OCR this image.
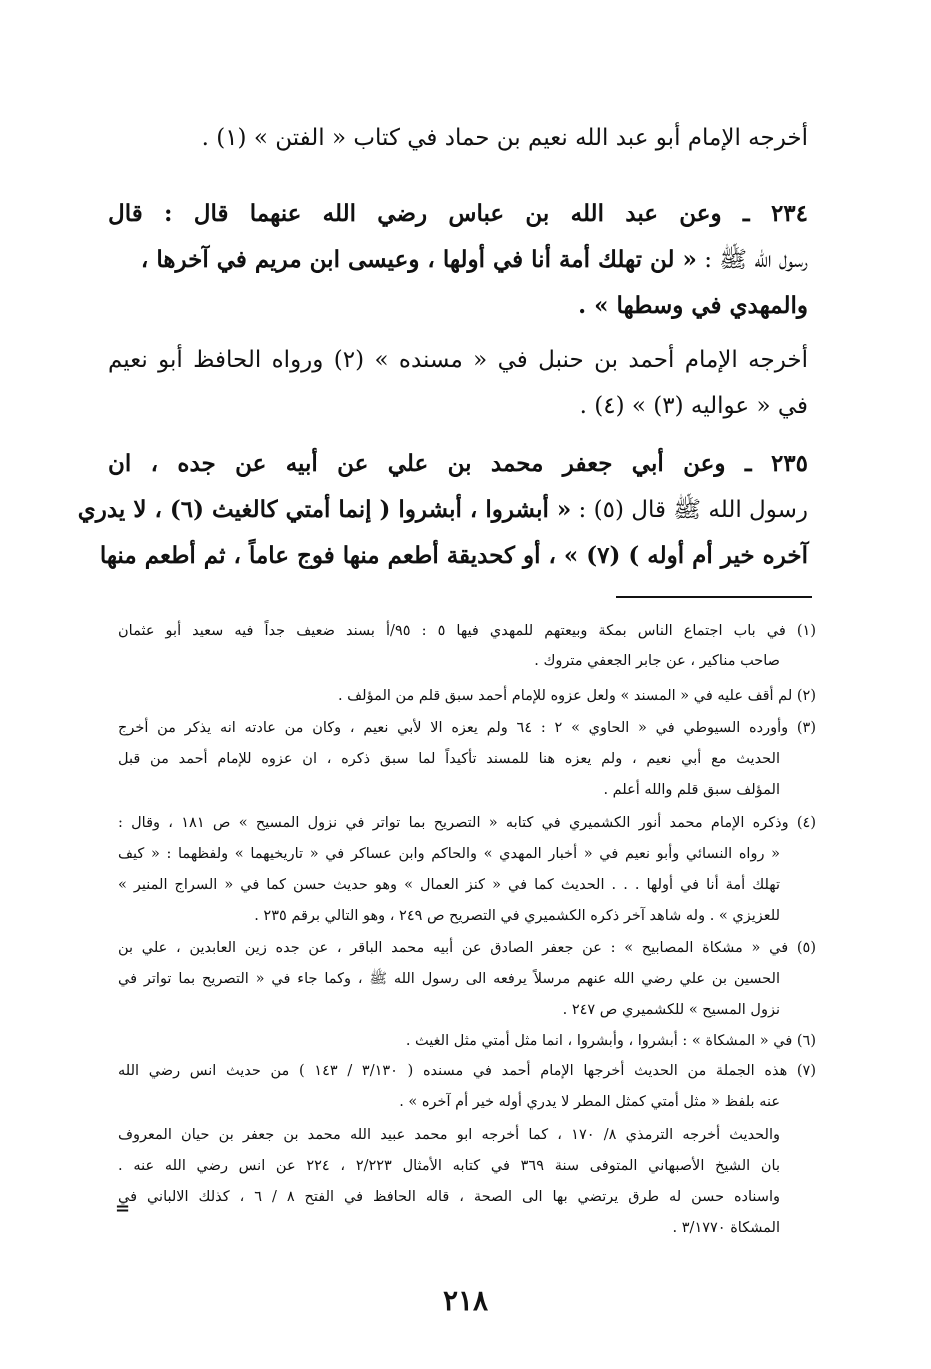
أخرجه الإمام أبو عبد الله نعيم بن حماد في كتاب « الفتن » (١) .
٢٣٤ ـ وعن عبد الله بن عباس رضي الله عنهما قال : قال
رسول الله ﷺ : « لن تهلك أمة أنا في أولها ، وعيسى ابن مريم في آخرها ،
والمهدي في وسطها » .
أخرجه الإمام أحمد بن حنبل في « مسنده » (٢) ورواه الحافظ أبو نعيم
في « عواليه (٣) » (٤) .
٢٣٥ ـ وعن أبي جعفر محمد بن علي عن أبيه عن جده ، ان
رسول الله ﷺ قال (٥) : « أبشروا ، أبشروا ( إنما أمتي كالغيث (٦) ، لا يدري
آخره خير أم أوله ) (٧) » ، أو كحديقة أطعم منها فوج عاماً ، ثم أطعم منها
(١) في باب اجتماع الناس بمكة وبيعتهم للمهدي فيها ٥ : ٩٥/أ بسند ضعيف جداً فيه سعيد أبو عثمان
صاحب مناكير ، عن جابر الجعفي متروك .
(٢) لم أقف عليه في « المسند » ولعل عزوه للإمام أحمد سبق قلم من المؤلف .
(٣) وأورده السيوطي في « الحاوي » ٢ : ٦٤ ولم يعزه الا لأبي نعيم ، وكان من عادته انه يذكر من أخرج
الحديث مع أبي نعيم ، ولم يعزه هنا للمسند تأكيداً لما سبق ذكره ، ان عزوه للإمام أحمد من قبل
المؤلف سبق قلم والله أعلم .
(٤) وذكره الإمام محمد أنور الكشميري في كتابه « التصريح بما تواتر في نزول المسيح » ص ١٨١ ، وقال :
« رواه النسائي وأبو نعيم في « أخبار المهدي » والحاكم وابن عساكر في « تاريخيهما » ولفظهما : « كيف
تهلك أمة أنا في أولها . . . الحديث كما في « كنز العمال » وهو حديث حسن كما في « السراج المنير »
للعزيزي » . وله شاهد آخر ذكره الكشميري في التصريح ص ٢٤٩ ، وهو التالي برقم ٢٣٥ .
(٥) في « مشكاة المصابيح » : عن جعفر الصادق عن أبيه محمد الباقر ، عن جده زين العابدين ، علي بن
الحسين بن علي رضي الله عنهم مرسلاً يرفعه الى رسول الله ﷺ ، وكما جاء في « التصريح بما تواتر في
نزول المسيح » للكشميري ص ٢٤٧ .
(٦) في « المشكاة » : أبشروا ، وأبشروا ، انما مثل أمتي مثل الغيث .
(٧) هذه الجملة من الحديث أخرجها الإمام أحمد في مسنده ( ٣/١٣٠ / ١٤٣ ) من حديث انس رضي الله
عنه بلفظ « مثل أمتي كمثل المطر لا يدري أوله خير أم آخره » .
والحديث أخرجه الترمذي ٨/ ١٧٠ ، كما أخرجه ابو محمد عبيد الله محمد بن جعفر بن حيان المعروف
بان الشيخ الأصبهاني المتوفى سنة ٣٦٩ في كتابه الأمثال ٢/٢٢٣ ، ٢٢٤ عن انس رضي الله عنه .
واسناده حسن له طرق يرتضي بها الى الصحة ، قاله الحافظ في الفتح ٨ / ٦ ، كذلك الالباني في
المشكاة ٣/١٧٧٠ .
=
٢١٨
